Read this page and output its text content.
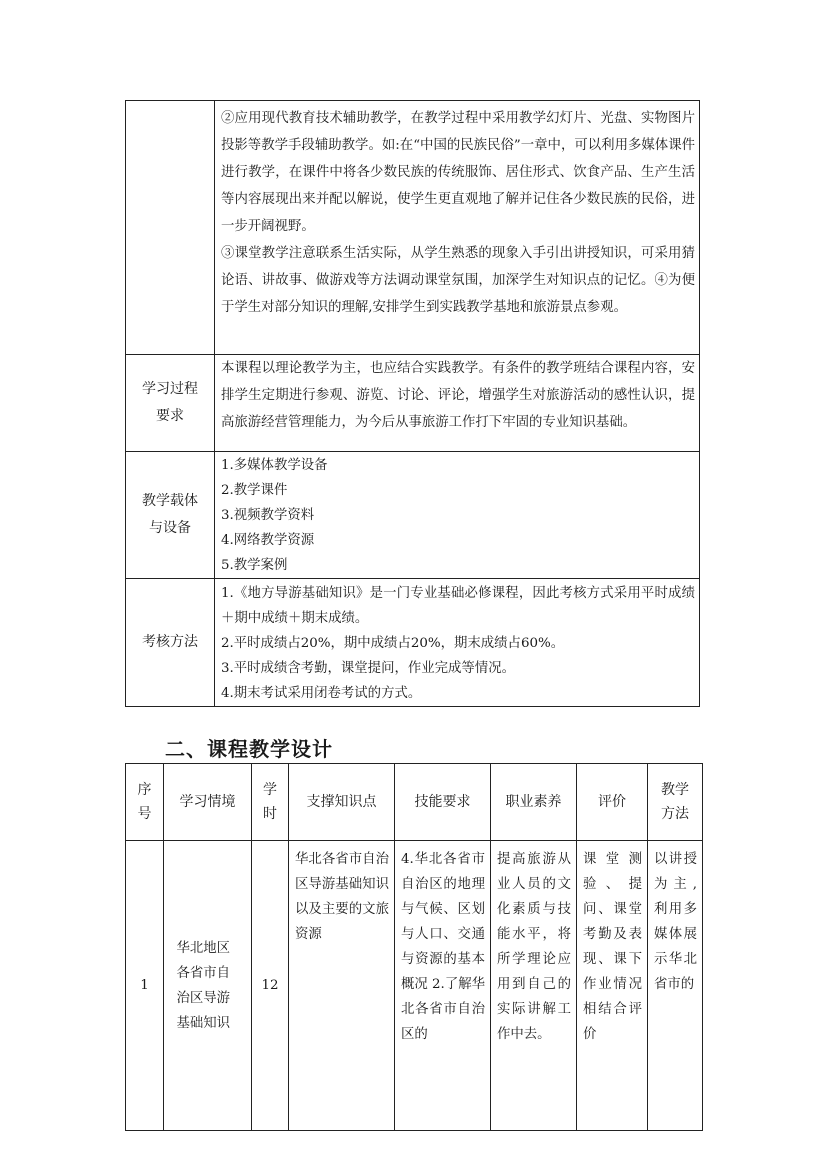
	②应用现代教育技术辅助教学，在教学过程中采用教学幻灯片、光盘、实物图片投影等教学手段辅助教学。如:在“中国的民族民俗”一章中，可以利用多媒体课件进行教学，在课件中将各少数民族的传统服饰、居住形式、饮食产品、生产生活等内容展现出来并配以解说，使学生更直观地了解并记住各少数民族的民俗，进一步开阔视野。

③课堂教学注意联系生活实际，从学生熟悉的现象入手引出讲授知识，可采用猜论语、讲故事、做游戏等方法调动课堂氛围，加深学生对知识点的记忆。④为便于学生对部分知识的理解,安排学生到实践教学基地和旅游景点参观。

学习过程要求	本课程以理论教学为主，也应结合实践教学。有条件的教学班结合课程内容，安排学生定期进行参观、游览、讨论、评论，增强学生对旅游活动的感性认识，提高旅游经营管理能力，为今后从事旅游工作打下牢固的专业知识基础。

教学载体与设备	1.多媒体教学设备

2.教学课件

3.视频教学资料

4.网络教学资源

5.教学案例

考核方法	1.《地方导游基础知识》是一门专业基础必修课程，因此考核方式采用平时成绩＋期中成绩＋期末成绩。

2.平时成绩占20%，期中成绩占20%，期末成绩占60%。

3.平时成绩含考勤，课堂提问，作业完成等情况。

4.期末考试采用闭卷考试的方式。

二、课程教学设计
序号	学习情境	学时	支撑知识点	技能要求	职业素养	评价	教学方法
1	华北地区各省市自治区导游基础知识	12	华北各省市自治区导游基础知识以及主要的文旅资源	4.华北各省市自治区的地理与气候、区划与人口、交通与资源的基本概况 2.了解华北各省市自治区的	提高旅游从业人员的文化素质与技能水平，将所学理论应用到自己的实际讲解工作中去。	课堂测验、提问、课堂考勤及表现、课下作业情况相结合评价	以讲授为主,利用多媒体展示华北省市的
